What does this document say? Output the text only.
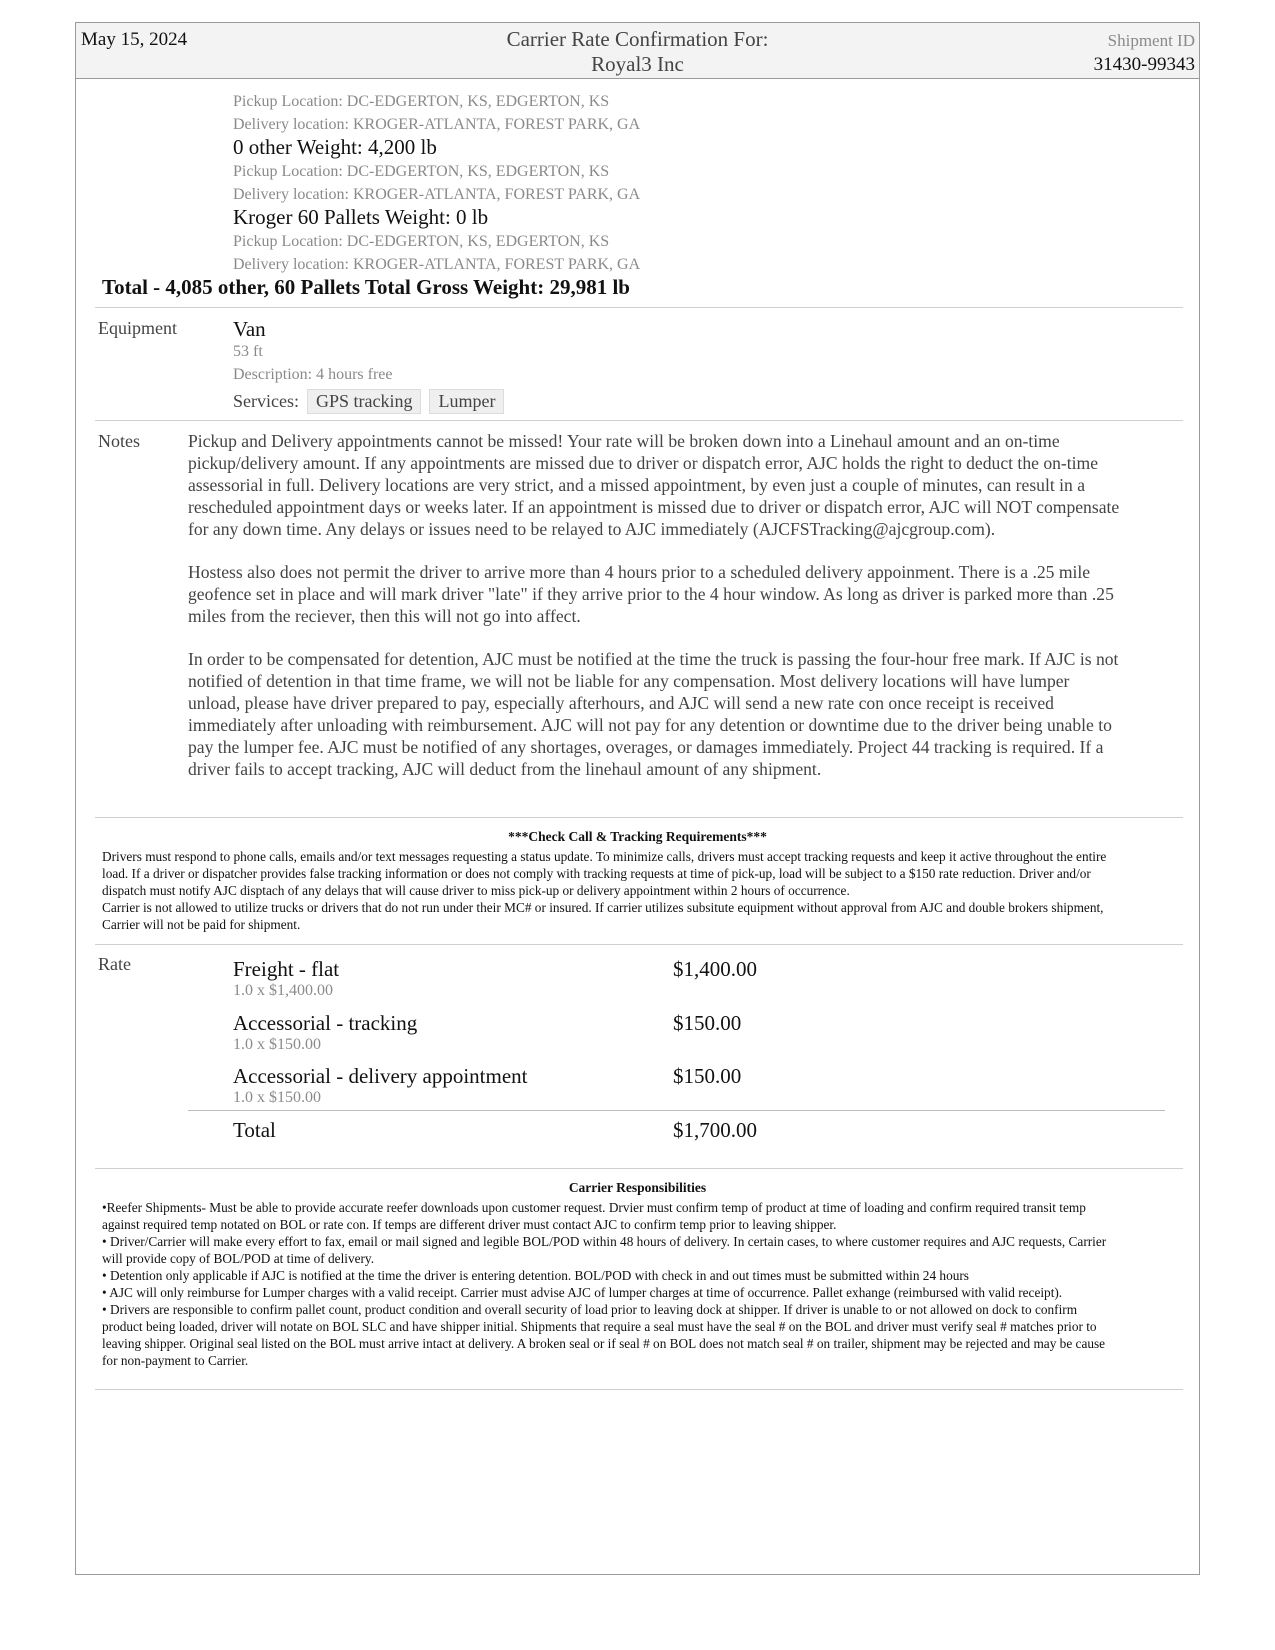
May 15, 2024	Carrier Rate Confirmation For:
Royal3 Inc
Shipment ID
31430-99343
Pickup Location: DC-EDGERTON, KS, EDGERTON, KS
Delivery location: KROGER-ATLANTA, FOREST PARK, GA
0 other Weight: 4,200 lb
Pickup Location: DC-EDGERTON, KS, EDGERTON, KS
Delivery location: KROGER-ATLANTA, FOREST PARK, GA
Kroger 60 Pallets Weight: 0 lb
Pickup Location: DC-EDGERTON, KS, EDGERTON, KS
Delivery location: KROGER-ATLANTA, FOREST PARK, GA
Total - 4,085 other, 60 Pallets Total Gross Weight: 29,981 lb
Equipment	Van
53 ft
Description: 4 hours free
Services: GPS tracking	Lumper
Notes	Pickup and Delivery appointments cannot be missed! Your rate will be broken down into a Linehaul amount and an on-time pickup/delivery amount. If any appointments are missed due to driver or dispatch error, AJC holds the right to deduct the on-time assessorial in full. Delivery locations are very strict, and a missed appointment, by even just a couple of minutes, can result in a rescheduled appointment days or weeks later. If an appointment is missed due to driver or dispatch error, AJC will NOT compensate for any down time. Any delays or issues need to be relayed to AJC immediately (AJCFSTracking@ajcgroup.com).

Hostess also does not permit the driver to arrive more than 4 hours prior to a scheduled delivery appoinment. There is a .25 mile geofence set in place and will mark driver "late" if they arrive prior to the 4 hour window. As long as driver is parked more than .25 miles from the reciever, then this will not go into affect.

In order to be compensated for detention, AJC must be notified at the time the truck is passing the four-hour free mark. If AJC is not notified of detention in that time frame, we will not be liable for any compensation. Most delivery locations will have lumper unload, please have driver prepared to pay, especially afterhours, and AJC will send a new rate con once receipt is received immediately after unloading with reimbursement. AJC will not pay for any detention or downtime due to the driver being unable to pay the lumper fee. AJC must be notified of any shortages, overages, or damages immediately. Project 44 tracking is required. If a driver fails to accept tracking, AJC will deduct from the linehaul amount of any shipment.

***Check Call & Tracking Requirements***

Drivers must respond to phone calls, emails and/or text messages requesting a status update. To minimize calls, drivers must accept tracking requests and keep it active throughout the entire load. If a driver or dispatcher provides false tracking information or does not comply with tracking requests at time of pick-up, load will be subject to a $150 rate reduction. Driver and/or dispatch must notify AJC disptach of any delays that will cause driver to miss pick-up or delivery appointment within 2 hours of occurrence.

Carrier is not allowed to utilize trucks or drivers that do not run under their MC# or insured. If carrier utilizes subsitute equipment without approval from AJC and double brokers shipment, Carrier will not be paid for shipment.

Rate	Freight - flat
1.0 x $1,400.00
$1,400.00
Accessorial - tracking
1.0 x $150.00
$150.00
Accessorial - delivery appointment
1.0 x $150.00
$150.00
Total	$1,700.00
Carrier Responsibilities

•Reefer Shipments- Must be able to provide accurate reefer downloads upon customer request. Drvier must confirm temp of product at time of loading and confirm required transit temp against required temp notated on BOL or rate con. If temps are different driver must contact AJC to confirm temp prior to leaving shipper.

• Driver/Carrier will make every effort to fax, email or mail signed and legible BOL/POD within 48 hours of delivery. In certain cases, to where customer requires and AJC requests, Carrier will provide copy of BOL/POD at time of delivery.

• Detention only applicable if AJC is notified at the time the driver is entering detention. BOL/POD with check in and out times must be submitted within 24 hours

• AJC will only reimburse for Lumper charges with a valid receipt. Carrier must advise AJC of lumper charges at time of occurrence. Pallet exhange (reimbursed with valid receipt).

• Drivers are responsible to confirm pallet count, product condition and overall security of load prior to leaving dock at shipper. If driver is unable to or not allowed on dock to confirm product being loaded, driver will notate on BOL SLC and have shipper initial. Shipments that require a seal must have the seal # on the BOL and driver must verify seal # matches prior to leaving shipper. Original seal listed on the BOL must arrive intact at delivery. A broken seal or if seal # on BOL does not match seal # on trailer, shipment may be rejected and may be cause for non-payment to Carrier.
